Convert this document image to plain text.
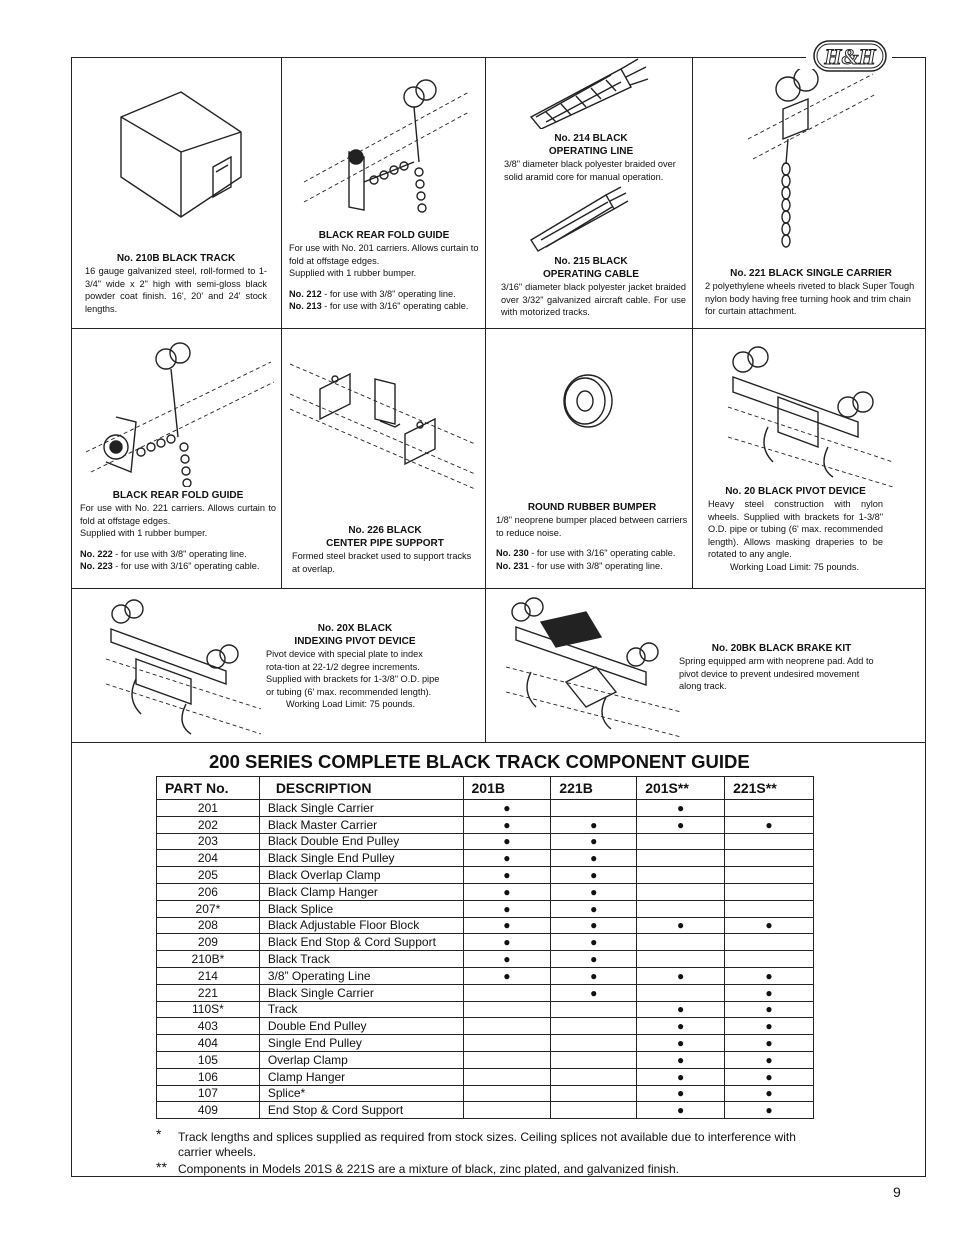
H&H
No. 210B BLACK TRACK
16 gauge galvanized steel, roll-formed to 1-3/4" wide x 2" high with semi-gloss black powder coat finish. 16', 20' and 24' stock lengths.
BLACK REAR FOLD GUIDE
For use with No. 201 carriers. Allows curtain to fold at offstage edges.
Supplied with 1 rubber bumper.
No. 212 - for use with 3/8" operating line.
No. 213 - for use with 3/16" operating cable.
No. 214 BLACK
OPERATING LINE
3/8" diameter black polyester braided over solid aramid core for manual operation.
No. 215 BLACK
OPERATING CABLE
3/16" diameter black polyester jacket braided over 3/32" galvanized aircraft cable. For use with motorized tracks.
No. 221 BLACK SINGLE CARRIER
2 polyethylene wheels riveted to black Super Tough nylon body having free turning hook and trim chain for curtain attachment.
BLACK REAR FOLD GUIDE
For use with No. 221 carriers. Allows curtain to fold at offstage edges.
Supplied with 1 rubber bumper.
No. 222 - for use with 3/8" operating line.
No. 223 - for use with 3/16" operating cable.
No. 226 BLACK
CENTER PIPE SUPPORT
Formed steel bracket used to support tracks at overlap.
ROUND RUBBER BUMPER
1/8" neoprene bumper placed between carriers to reduce noise.
No. 230 - for use with 3/16" operating cable.
No. 231 - for use with 3/8" operating line.
No. 20 BLACK PIVOT DEVICE
Heavy steel construction with nylon wheels. Supplied with brackets for 1-3/8" O.D. pipe or tubing (6' max. recommended length). Allows masking draperies to be rotated to any angle.
Working Load Limit: 75 pounds.
No. 20X BLACK
INDEXING PIVOT DEVICE
Pivot device with special plate to index rota-tion at 22-1/2 degree increments. Supplied with brackets for 1-3/8" O.D. pipe or tubing (6' max. recommended length).
Working Load Limit: 75 pounds.
No. 20BK BLACK BRAKE KIT
Spring equipped arm with neoprene pad. Add to pivot device to prevent undesired movement along track.
200 SERIES COMPLETE BLACK TRACK COMPONENT GUIDE
PART No.	DESCRIPTION	201B	221B	201S**	221S**
201	Black Single Carrier	●		●	
202	Black Master Carrier	●	●	●	●
203	Black Double End Pulley	●	●		
204	Black Single End Pulley	●	●		
205	Black Overlap Clamp	●	●		
206	Black Clamp Hanger	●	●		
207*	Black Splice	●	●		
208	Black Adjustable Floor Block	●	●	●	●
209	Black End Stop & Cord Support	●	●		
210B*	Black Track	●	●		
214	3/8” Operating Line	●	●	●	●
221	Black Single Carrier		●		●
110S*	Track			●	●
403	Double End Pulley			●	●
404	Single End Pulley			●	●
105	Overlap Clamp			●	●
106	Clamp Hanger			●	●
107	Splice*			●	●
409	End Stop & Cord Support			●	●
*	Track lengths and splices supplied as required from stock sizes. Ceiling splices not available due to interference with carrier wheels.
** Components in Models 201S & 221S are a mixture of black, zinc plated, and galvanized finish.
9
